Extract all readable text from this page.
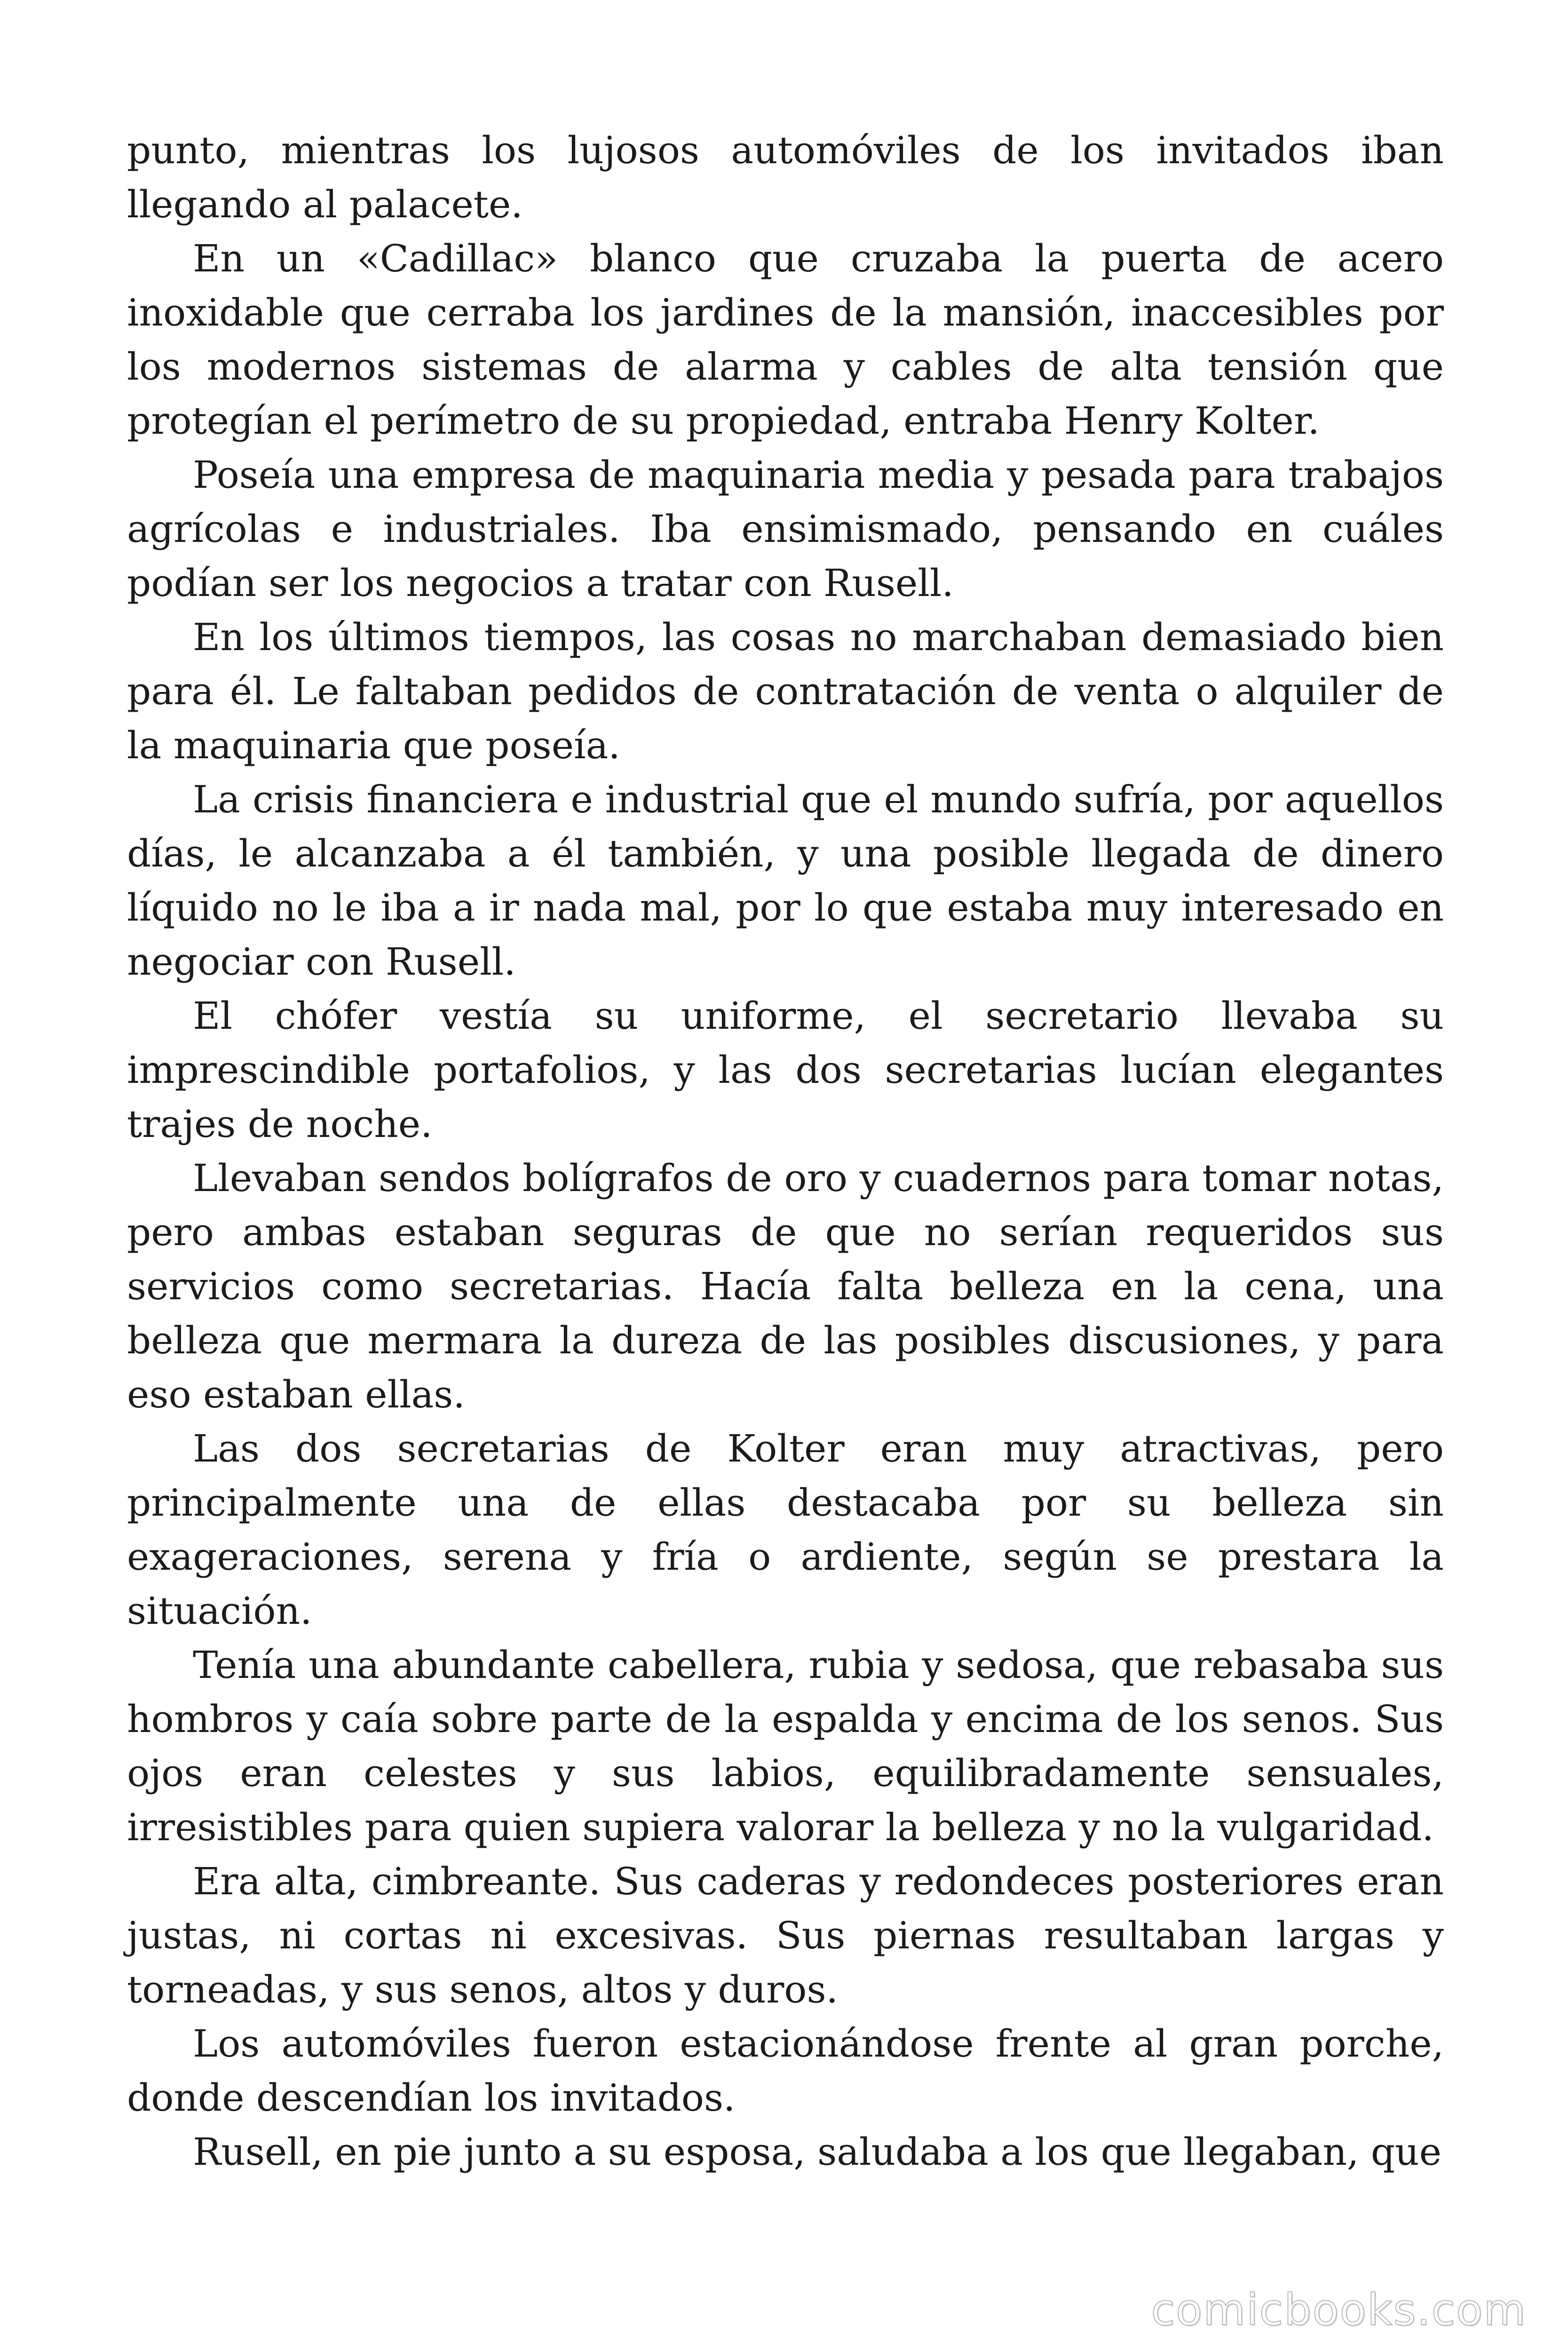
punto, mientras los lujosos automóviles de los invitados iban llegando al palacete.

En un «Cadillac» blanco que cruzaba la puerta de acero inoxidable que cerraba los jardines de la mansión, inaccesibles por los modernos sistemas de alarma y cables de alta tensión que protegían el perímetro de su propiedad, entraba Henry Kolter.

Poseía una empresa de maquinaria media y pesada para trabajos agrícolas e industriales. Iba ensimismado, pensando en cuáles podían ser los negocios a tratar con Rusell.

En los últimos tiempos, las cosas no marchaban demasiado bien para él. Le faltaban pedidos de contratación de venta o alquiler de la maquinaria que poseía.

La crisis financiera e industrial que el mundo sufría, por aquellos días, le alcanzaba a él también, y una posible llegada de dinero líquido no le iba a ir nada mal, por lo que estaba muy interesado en negociar con Rusell.

El chófer vestía su uniforme, el secretario llevaba su imprescindible portafolios, y las dos secretarias lucían elegantes trajes de noche.

Llevaban sendos bolígrafos de oro y cuadernos para tomar notas, pero ambas estaban seguras de que no serían requeridos sus servicios como secretarias. Hacía falta belleza en la cena, una belleza que mermara la dureza de las posibles discusiones, y para eso estaban ellas.

Las dos secretarias de Kolter eran muy atractivas, pero principalmente una de ellas destacaba por su belleza sin exageraciones, serena y fría o ardiente, según se prestara la situación.

Tenía una abundante cabellera, rubia y sedosa, que rebasaba sus hombros y caía sobre parte de la espalda y encima de los senos. Sus ojos eran celestes y sus labios, equilibradamente sensuales, irresistibles para quien supiera valorar la belleza y no la vulgaridad.

Era alta, cimbreante. Sus caderas y redondeces posteriores eran justas, ni cortas ni excesivas. Sus piernas resultaban largas y torneadas, y sus senos, altos y duros.

Los automóviles fueron estacionándose frente al gran porche, donde descendían los invitados.

Rusell, en pie junto a su esposa, saludaba a los que llegaban, que

comicbooks.com
